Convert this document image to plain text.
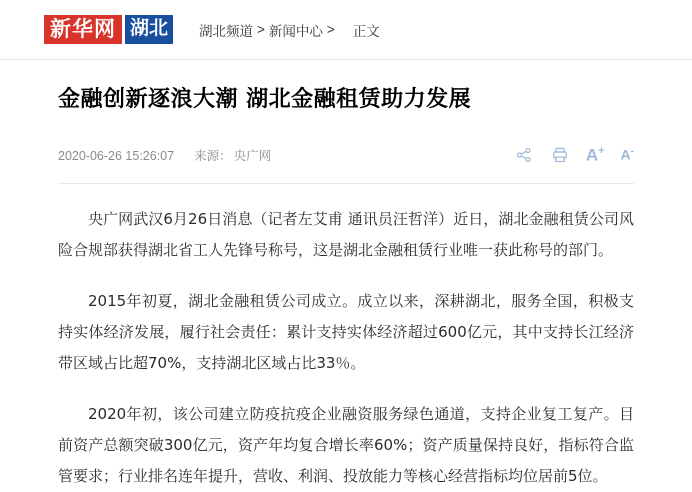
新华网 湖北	湖北频道 > 新闻中心 > 正文
金融创新逐浪大潮 湖北金融租赁助力发展
2020-06-26 15:26:07 来源： 央广网	A+ A-

央广网武汉6月26日消息（记者左艾甫 通讯员汪哲洋）近日，湖北金融租赁公司风险合规部获得湖北省工人先锋号称号，这是湖北金融租赁行业唯一获此称号的部门。

2015年初夏，湖北金融租赁公司成立。成立以来，深耕湖北，服务全国，积极支持实体经济发展，履行社会责任：累计支持实体经济超过600亿元，其中支持长江经济带区域占比超70%，支持湖北区域占比33％。

2020年初，该公司建立防疫抗疫企业融资服务绿色通道，支持企业复工复产。目前资产总额突破300亿元，资产年均复合增长率60%；资产质量保持良好，指标符合监管要求；行业排名连年提升，营收、利润、投放能力等核心经营指标均位居前5位。
